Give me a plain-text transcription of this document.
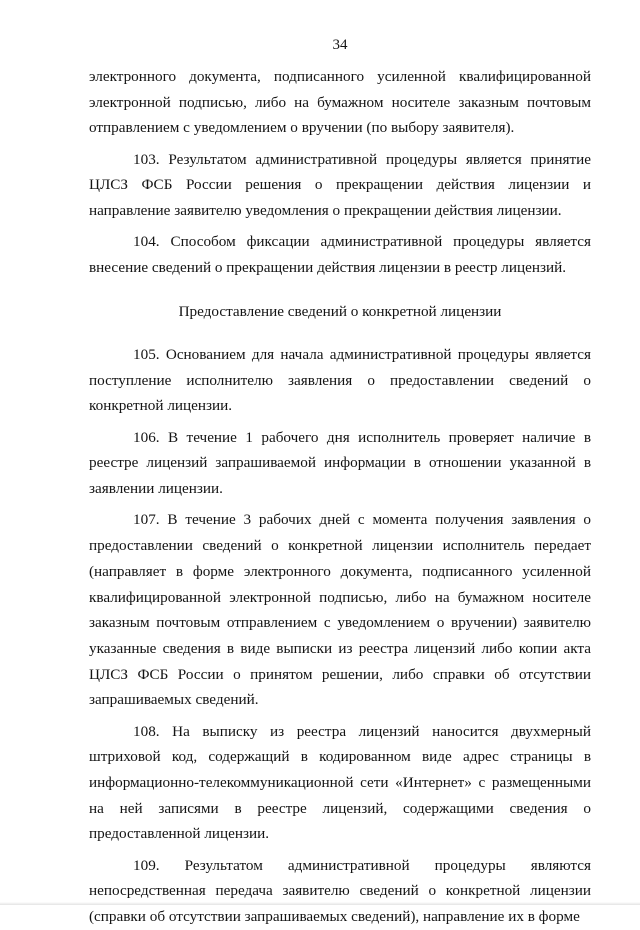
34

электронного документа, подписанного усиленной квалифицированной электронной подписью, либо на бумажном носителе заказным почтовым отправлением с уведомлением о вручении (по выбору заявителя).

103. Результатом административной процедуры является принятие ЦЛСЗ ФСБ России решения о прекращении действия лицензии и направление заявителю уведомления о прекращении действия лицензии.

104. Способом фиксации административной процедуры является внесение сведений о прекращении действия лицензии в реестр лицензий.

Предоставление сведений о конкретной лицензии

105. Основанием для начала административной процедуры является поступление исполнителю заявления о предоставлении сведений о конкретной лицензии.

106. В течение 1 рабочего дня исполнитель проверяет наличие в реестре лицензий запрашиваемой информации в отношении указанной в заявлении лицензии.

107. В течение 3 рабочих дней с момента получения заявления о предоставлении сведений о конкретной лицензии исполнитель передает (направляет в форме электронного документа, подписанного усиленной квалифицированной электронной подписью, либо на бумажном носителе заказным почтовым отправлением с уведомлением о вручении) заявителю указанные сведения в виде выписки из реестра лицензий либо копии акта ЦЛСЗ ФСБ России о принятом решении, либо справки об отсутствии запрашиваемых сведений.

108. На выписку из реестра лицензий наносится двухмерный штриховой код, содержащий в кодированном виде адрес страницы в информационно-телекоммуникационной сети «Интернет» с размещенными на ней записями в реестре лицензий, содержащими сведения о предоставленной лицензии.

109. Результатом административной процедуры являются непосредственная передача заявителю сведений о конкретной лицензии (справки об отсутствии запрашиваемых сведений), направление их в форме
